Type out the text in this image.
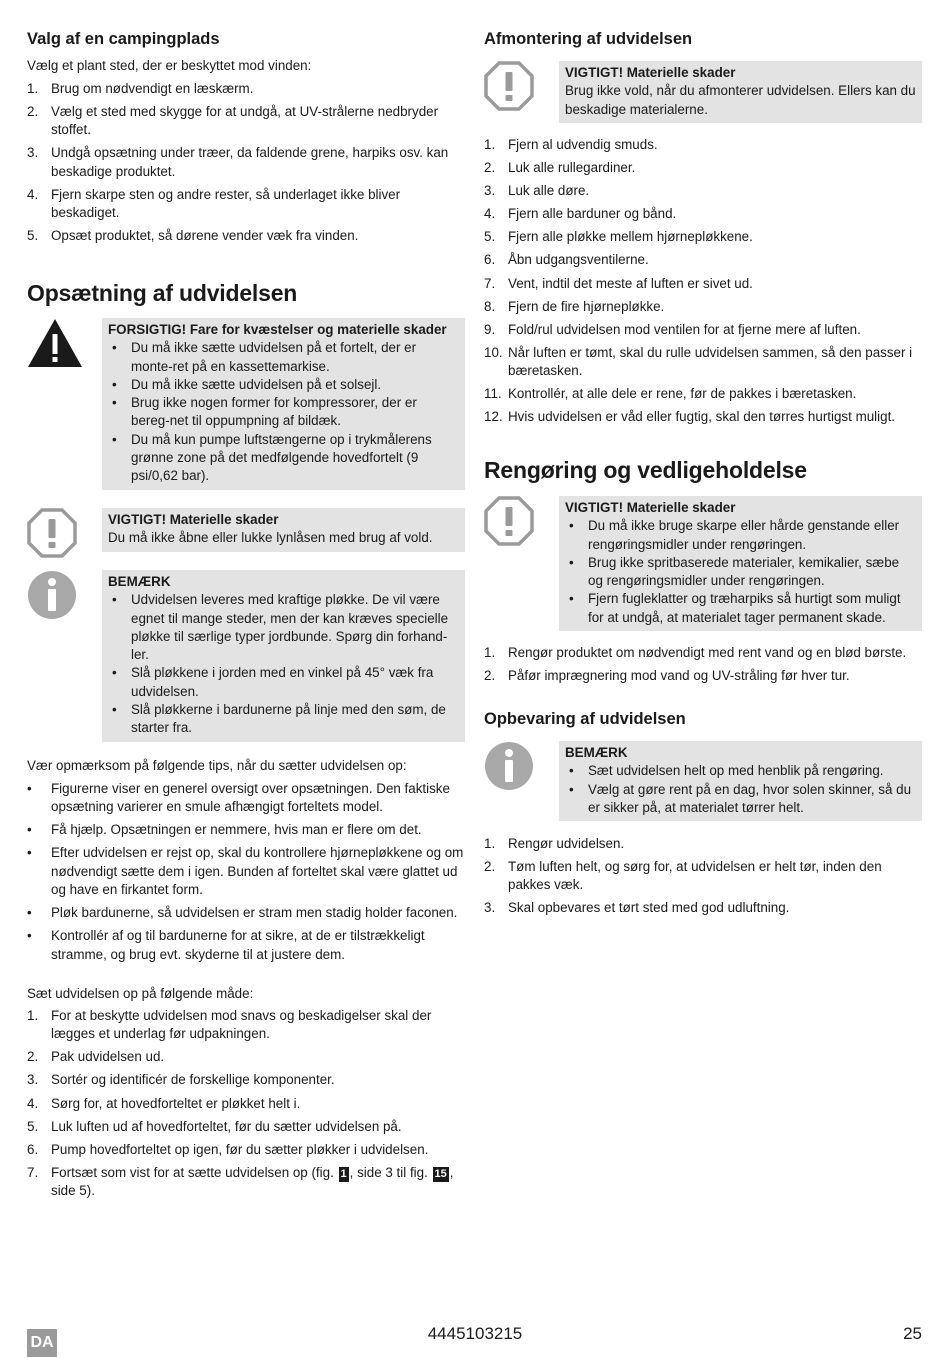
Valg af en campingplads

Vælg et plant sted, der er beskyttet mod vinden:

1. Brug om nødvendigt en læskærm.
2. Vælg et sted med skygge for at undgå, at UV-strålerne nedbryder stoffet.
3. Undgå opsætning under træer, da faldende grene, harpiks osv. kan beskadige produktet.
4. Fjern skarpe sten og andre rester, så underlaget ikke bliver beskadiget.
5. Opsæt produktet, så dørene vender væk fra vinden.
Opsætning af udvidelsen
FORSIGTIG! Fare for kvæstelser og materielle skader
• Du må ikke sætte udvidelsen på et fortelt, der er monte-ret på en kassettemarkise.
• Du må ikke sætte udvidelsen på et solsejl.
• Brug ikke nogen former for kompressorer, der er bereg-net til oppumpning af bildæk.
• Du må kun pumpe luftstængerne op i trykmålerens grønne zone på det medfølgende hovedfortelt (9 psi/0,62 bar).
VIGTIGT! Materielle skader
Du må ikke åbne eller lukke lynlåsen med brug af vold.
BEMÆRK
• Udvidelsen leveres med kraftige pløkke. De vil være egnet til mange steder, men der kan kræves specielle pløkke til særlige typer jordbunde. Spørg din forhand-ler.
• Slå pløkkene i jorden med en vinkel på 45° væk fra udvidelsen.
• Slå pløkkerne i bardunerne på linje med den søm, de starter fra.

Vær opmærksom på følgende tips, når du sætter udvidelsen op:

• Figurerne viser en generel oversigt over opsætningen. Den faktiske opsætning varierer en smule afhængigt forteltets model.
• Få hjælp. Opsætningen er nemmere, hvis man er flere om det.
• Efter udvidelsen er rejst op, skal du kontrollere hjørnepløkkene og om nødvendigt sætte dem i igen. Bunden af forteltet skal være glattet ud og have en firkantet form.
• Pløk bardunerne, så udvidelsen er stram men stadig holder faconen.
• Kontrollér af og til bardunerne for at sikre, at de er tilstrækkeligt stramme, og brug evt. skyderne til at justere dem.

Sæt udvidelsen op på følgende måde:

1. For at beskytte udvidelsen mod snavs og beskadigelser skal der lægges et underlag før udpakningen.
2. Pak udvidelsen ud.
3. Sortér og identificér de forskellige komponenter.
4. Sørg for, at hovedforteltet er pløkket helt i.
5. Luk luften ud af hovedforteltet, før du sætter udvidelsen på.
6. Pump hovedforteltet op igen, før du sætter pløkker i udvidelsen.
7. Fortsæt som vist for at sætte udvidelsen op (fig. 1 , side 3 til fig. 15 , side 5).
Afmontering af udvidelsen
VIGTIGT! Materielle skader
Brug ikke vold, når du afmonterer udvidelsen. Ellers kan du beskadige materialerne.
1. Fjern al udvendig smuds.
2. Luk alle rullegardiner.
3. Luk alle døre.
4. Fjern alle barduner og bånd.
5. Fjern alle pløkke mellem hjørnepløkkene.
6. Åbn udgangsventilerne.
7. Vent, indtil det meste af luften er sivet ud.
8. Fjern de fire hjørnepløkke.
9. Fold/rul udvidelsen mod ventilen for at fjerne mere af luften.
10. Når luften er tømt, skal du rulle udvidelsen sammen, så den passer i bæretasken.
11. Kontrollér, at alle dele er rene, før de pakkes i bæretasken.
12. Hvis udvidelsen er våd eller fugtig, skal den tørres hurtigst muligt.
Rengøring og vedligeholdelse
VIGTIGT! Materielle skader
• Du må ikke bruge skarpe eller hårde genstande eller rengøringsmidler under rengøringen.
• Brug ikke spritbaserede materialer, kemikalier, sæbe og rengøringsmidler under rengøringen.
• Fjern fugleklatter og træharpiks så hurtigt som muligt for at undgå, at materialet tager permanent skade.
1. Rengør produktet om nødvendigt med rent vand og en blød børste.
2. Påfør imprægnering mod vand og UV-stråling før hver tur.
Opbevaring af udvidelsen
BEMÆRK
• Sæt udvidelsen helt op med henblik på rengøring.
• Vælg at gøre rent på en dag, hvor solen skinner, så du er sikker på, at materialet tørrer helt.
1. Rengør udvidelsen.
2. Tøm luften helt, og sørg for, at udvidelsen er helt tør, inden den pakkes væk.
3. Skal opbevares et tørt sted med god udluftning.
DA	4445103215	25
